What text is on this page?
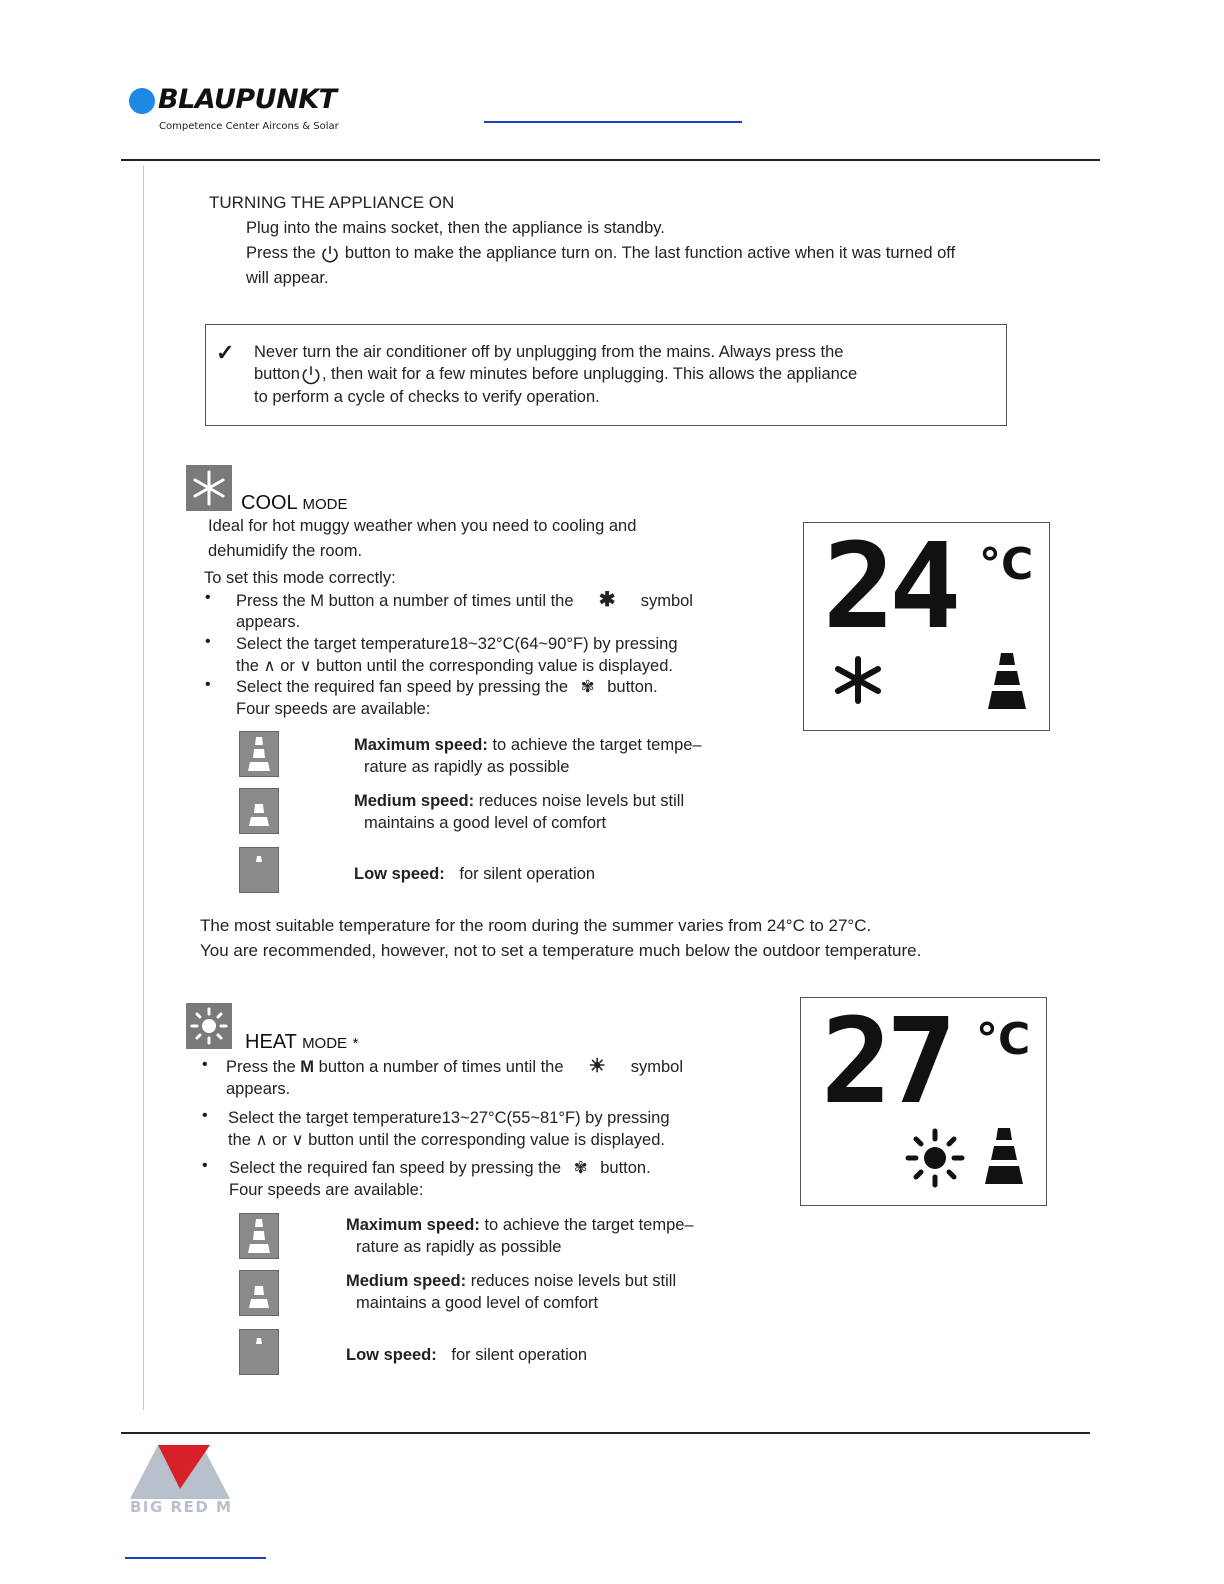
BLAUPUNKT
Competence Center Aircons & Solar
TURNING THE APPLIANCE ON
Plug into the mains socket, then the appliance is standby.
Press the button to make the appliance turn on. The last function active when it was turned off
will appear.
✓ Never turn the air conditioner off by unplugging from the mains. Always press the
button , then wait for a few minutes before unplugging. This allows the appliance
to perform a cycle of checks to verify operation.
COOL MODE
Ideal for hot muggy weather when you need to cooling and
dehumidify the room.
To set this mode correctly:
• Press the M button a number of times until the ✱ symbol
appears.
• Select the target temperature18~32°C(64~90°F) by pressing
the ∧ or ∨ button until the corresponding value is displayed.
• Select the required fan speed by pressing the ✾ button.
Four speeds are available:
24 °C
Maximum speed: to achieve the target tempe–
rature as rapidly as possible
Medium speed: reduces noise levels but still
maintains a good level of comfort
Low speed: for silent operation
The most suitable temperature for the room during the summer varies from 24°C to 27°C.
You are recommended, however, not to set a temperature much below the outdoor temperature.
HEAT MODE *
• Press the M button a number of times until the ☀ symbol
appears.
• Select the target temperature13~27°C(55~81°F) by pressing
the ∧ or ∨ button until the corresponding value is displayed.
• Select the required fan speed by pressing the ✾ button.
Four speeds are available:
27 °C
Maximum speed: to achieve the target tempe–
rature as rapidly as possible
Medium speed: reduces noise levels but still
maintains a good level of comfort
Low speed: for silent operation
BIG RED M
